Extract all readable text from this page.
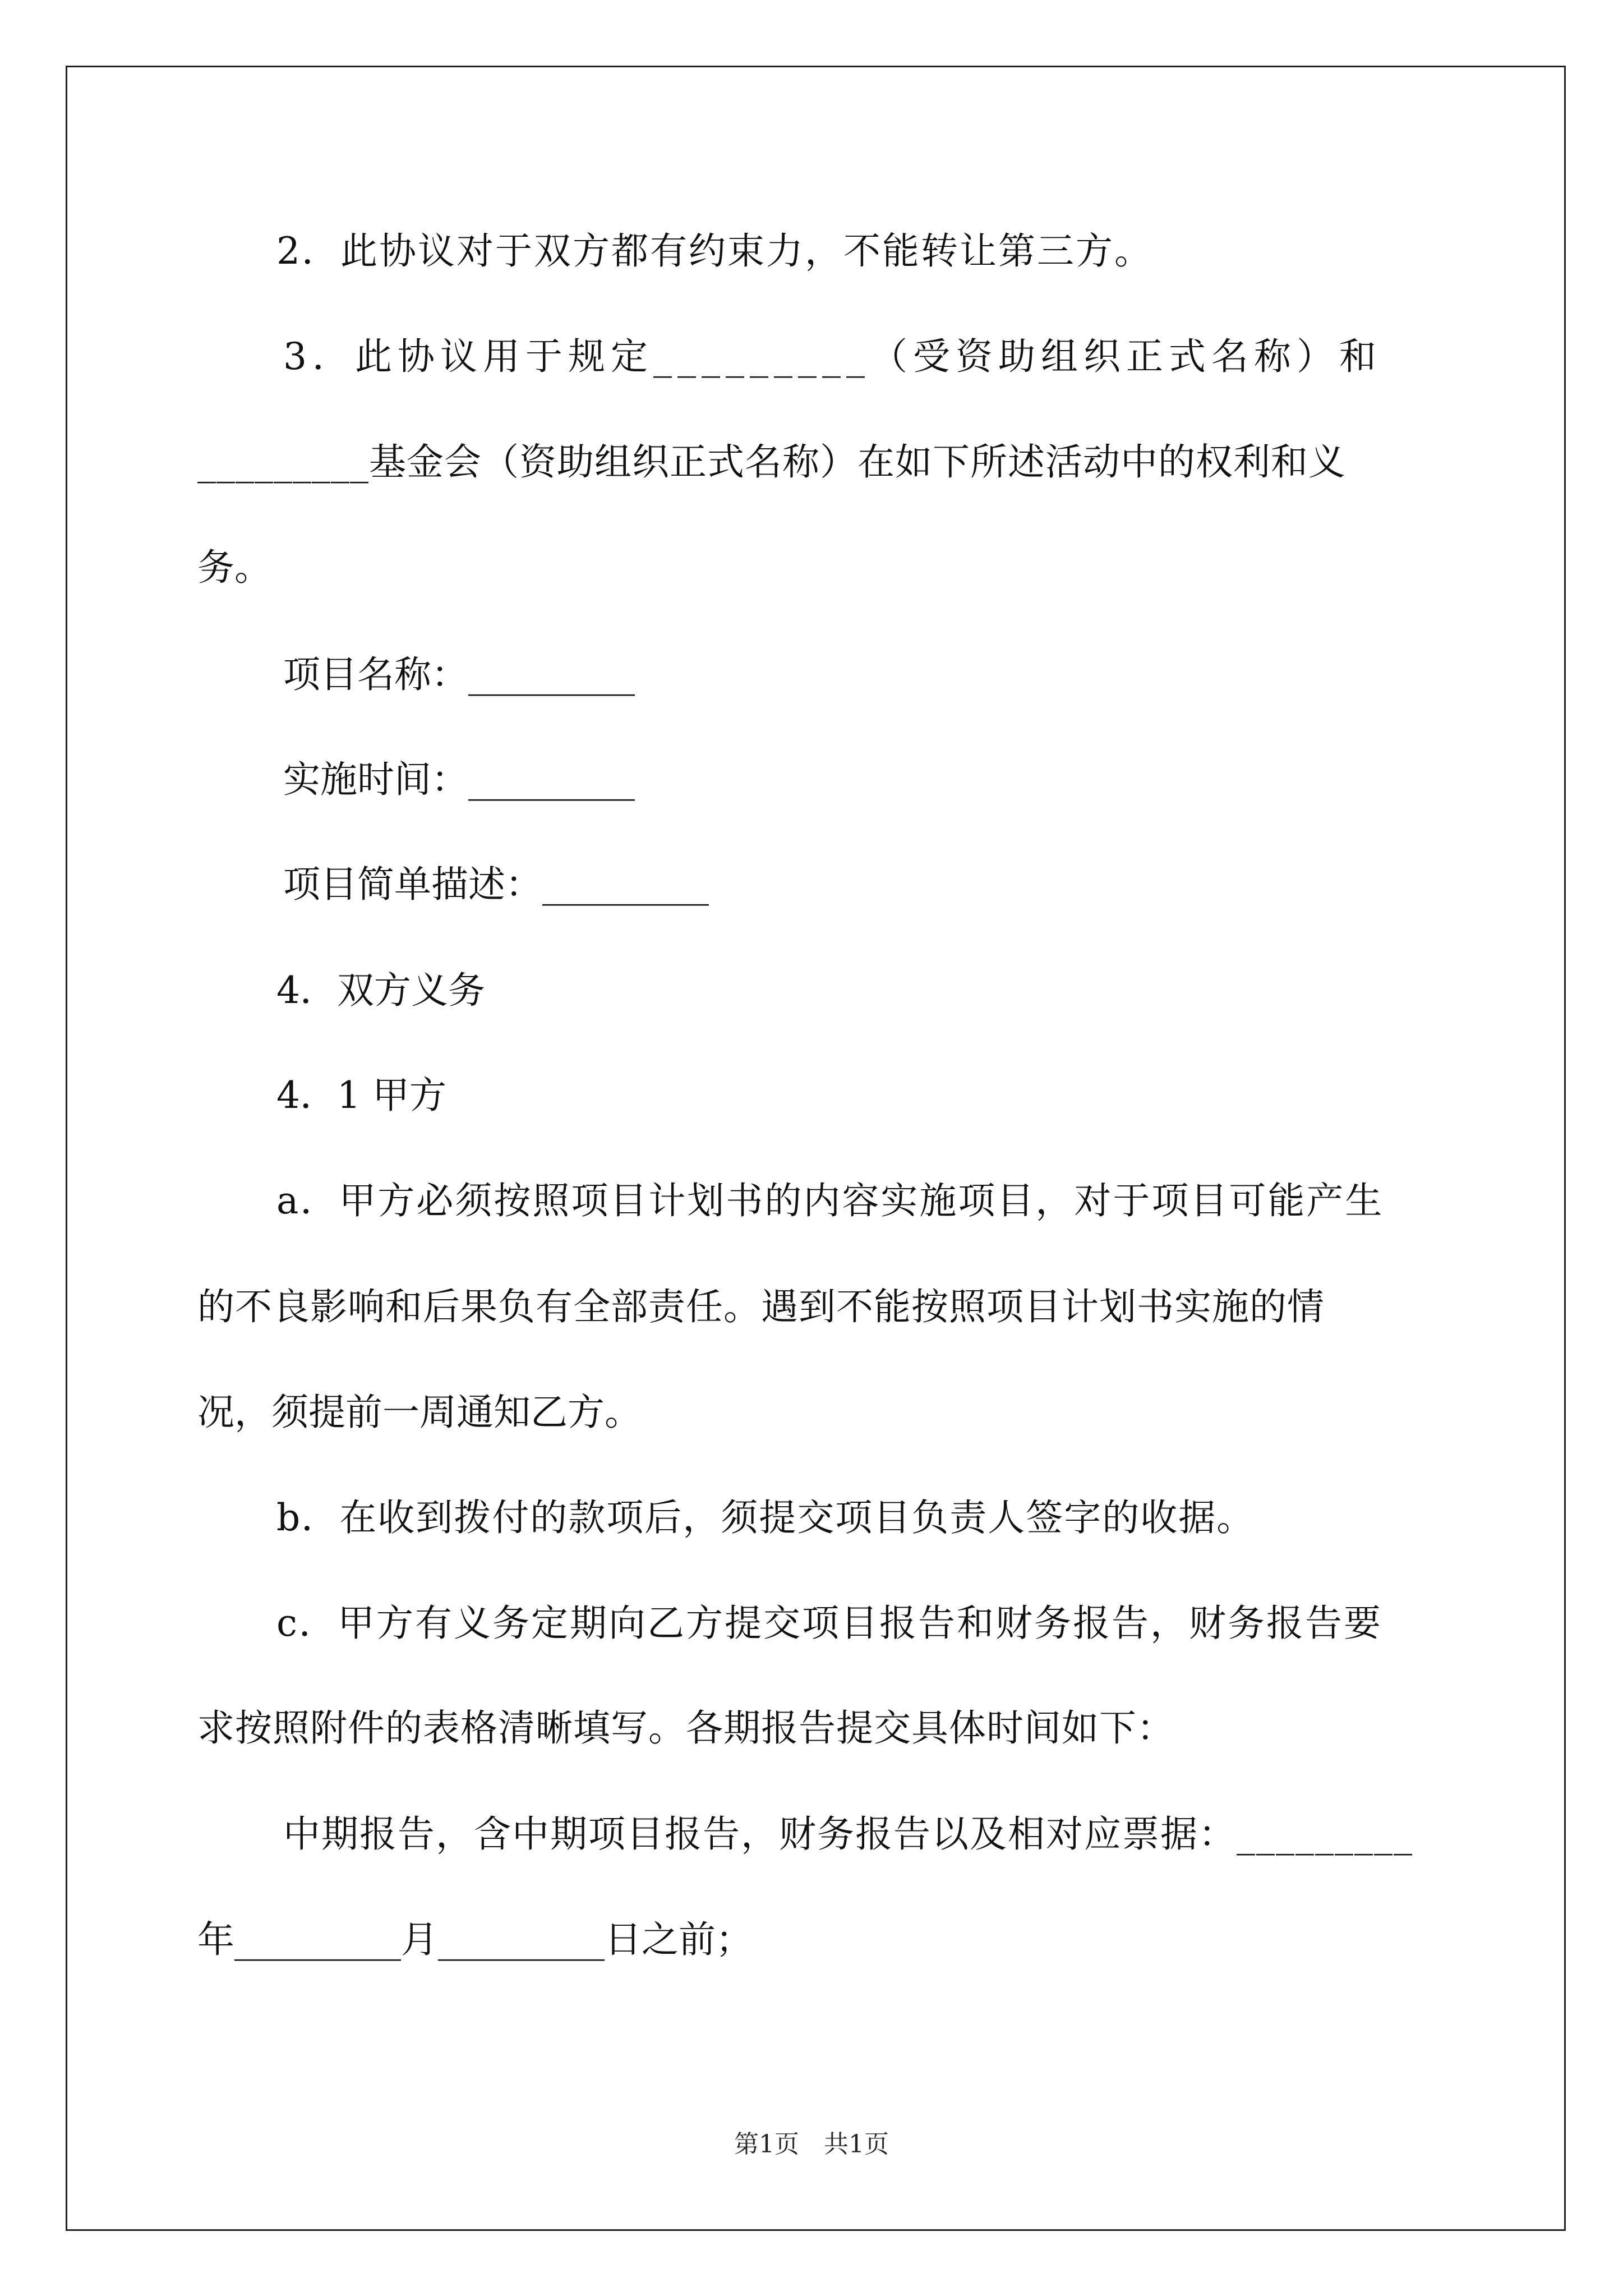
2．此协议对于双方都有约束力，不能转让第三方。
3．此协议用于规定_________（受资助组织正式名称）和
_________基金会（资助组织正式名称）在如下所述活动中的权利和义
务。
项目名称：_________
实施时间：_________
项目简单描述：_________
4．双方义务
4．1 甲方
a．甲方必须按照项目计划书的内容实施项目，对于项目可能产生
的不良影响和后果负有全部责任。遇到不能按照项目计划书实施的情
况，须提前一周通知乙方。
b．在收到拨付的款项后，须提交项目负责人签字的收据。
c．甲方有义务定期向乙方提交项目报告和财务报告，财务报告要
求按照附件的表格清晰填写。各期报告提交具体时间如下：
中期报告，含中期项目报告，财务报告以及相对应票据：_________
年_________月_________日之前；
第1页　共1页
